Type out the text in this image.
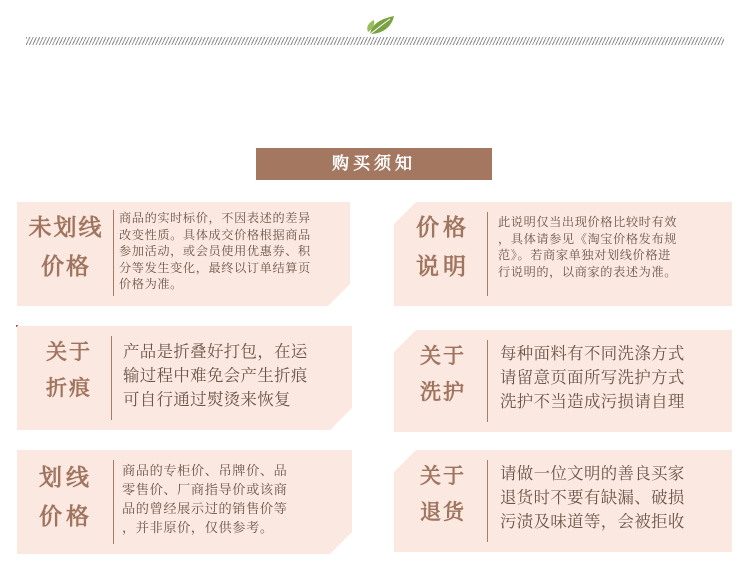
购买须知
未划线
价格
商品的实时标价，不因表述的差异
改变性质。具体成交价格根据商品
参加活动，或会员使用优惠券、积
分等发生变化，最终以订单结算页
价格为准。
价格
说明
此说明仅当出现价格比较时有效
，具体请参见《淘宝价格发布规
范》。若商家单独对划线价格进
行说明的，以商家的表述为准。
关于
折痕
产品是折叠好打包，在运
输过程中难免会产生折痕
可自行通过熨烫来恢复
关于
洗护
每种面料有不同洗涤方式
请留意页面所写洗护方式
洗护不当造成污损请自理
划线
价格
商品的专柜价、吊牌价、品
零售价、厂商指导价或该商
品的曾经展示过的销售价等
，并非原价，仅供参考。
关于
退货
请做一位文明的善良买家
退货时不要有缺漏、破损
污渍及味道等，会被拒收
